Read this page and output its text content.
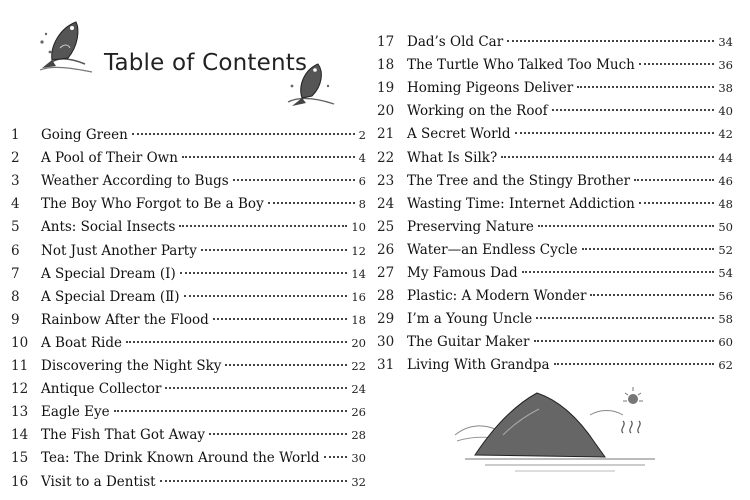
Table of Contents
1	Going Green	2
2	A Pool of Their Own	4
3	Weather According to Bugs	6
4	The Boy Who Forgot to Be a Boy	8
5	Ants: Social Insects	10
6	Not Just Another Party	12
7	A Special Dream (Ⅰ)	14
8	A Special Dream (Ⅱ)	16
9	Rainbow After the Flood	18
10 A Boat Ride	20
11 Discovering the Night Sky	22
12 Antique Collector	24
13 Eagle Eye	26
14 The Fish That Got Away	28
15 Tea: The Drink Known Around the World	30
16 Visit to a Dentist	32
17 Dad’s Old Car	34
18 The Turtle Who Talked Too Much	36
19 Homing Pigeons Deliver	38
20 Working on the Roof	40
21 A Secret World	42
22 What Is Silk?	44
23 The Tree and the Stingy Brother	46
24 Wasting Time: Internet Addiction	48
25 Preserving Nature	50
26 Water—an Endless Cycle	52
27 My Famous Dad	54
28 Plastic: A Modern Wonder	56
29 I’m a Young Uncle	58
30 The Guitar Maker	60
31 Living With Grandpa	62
